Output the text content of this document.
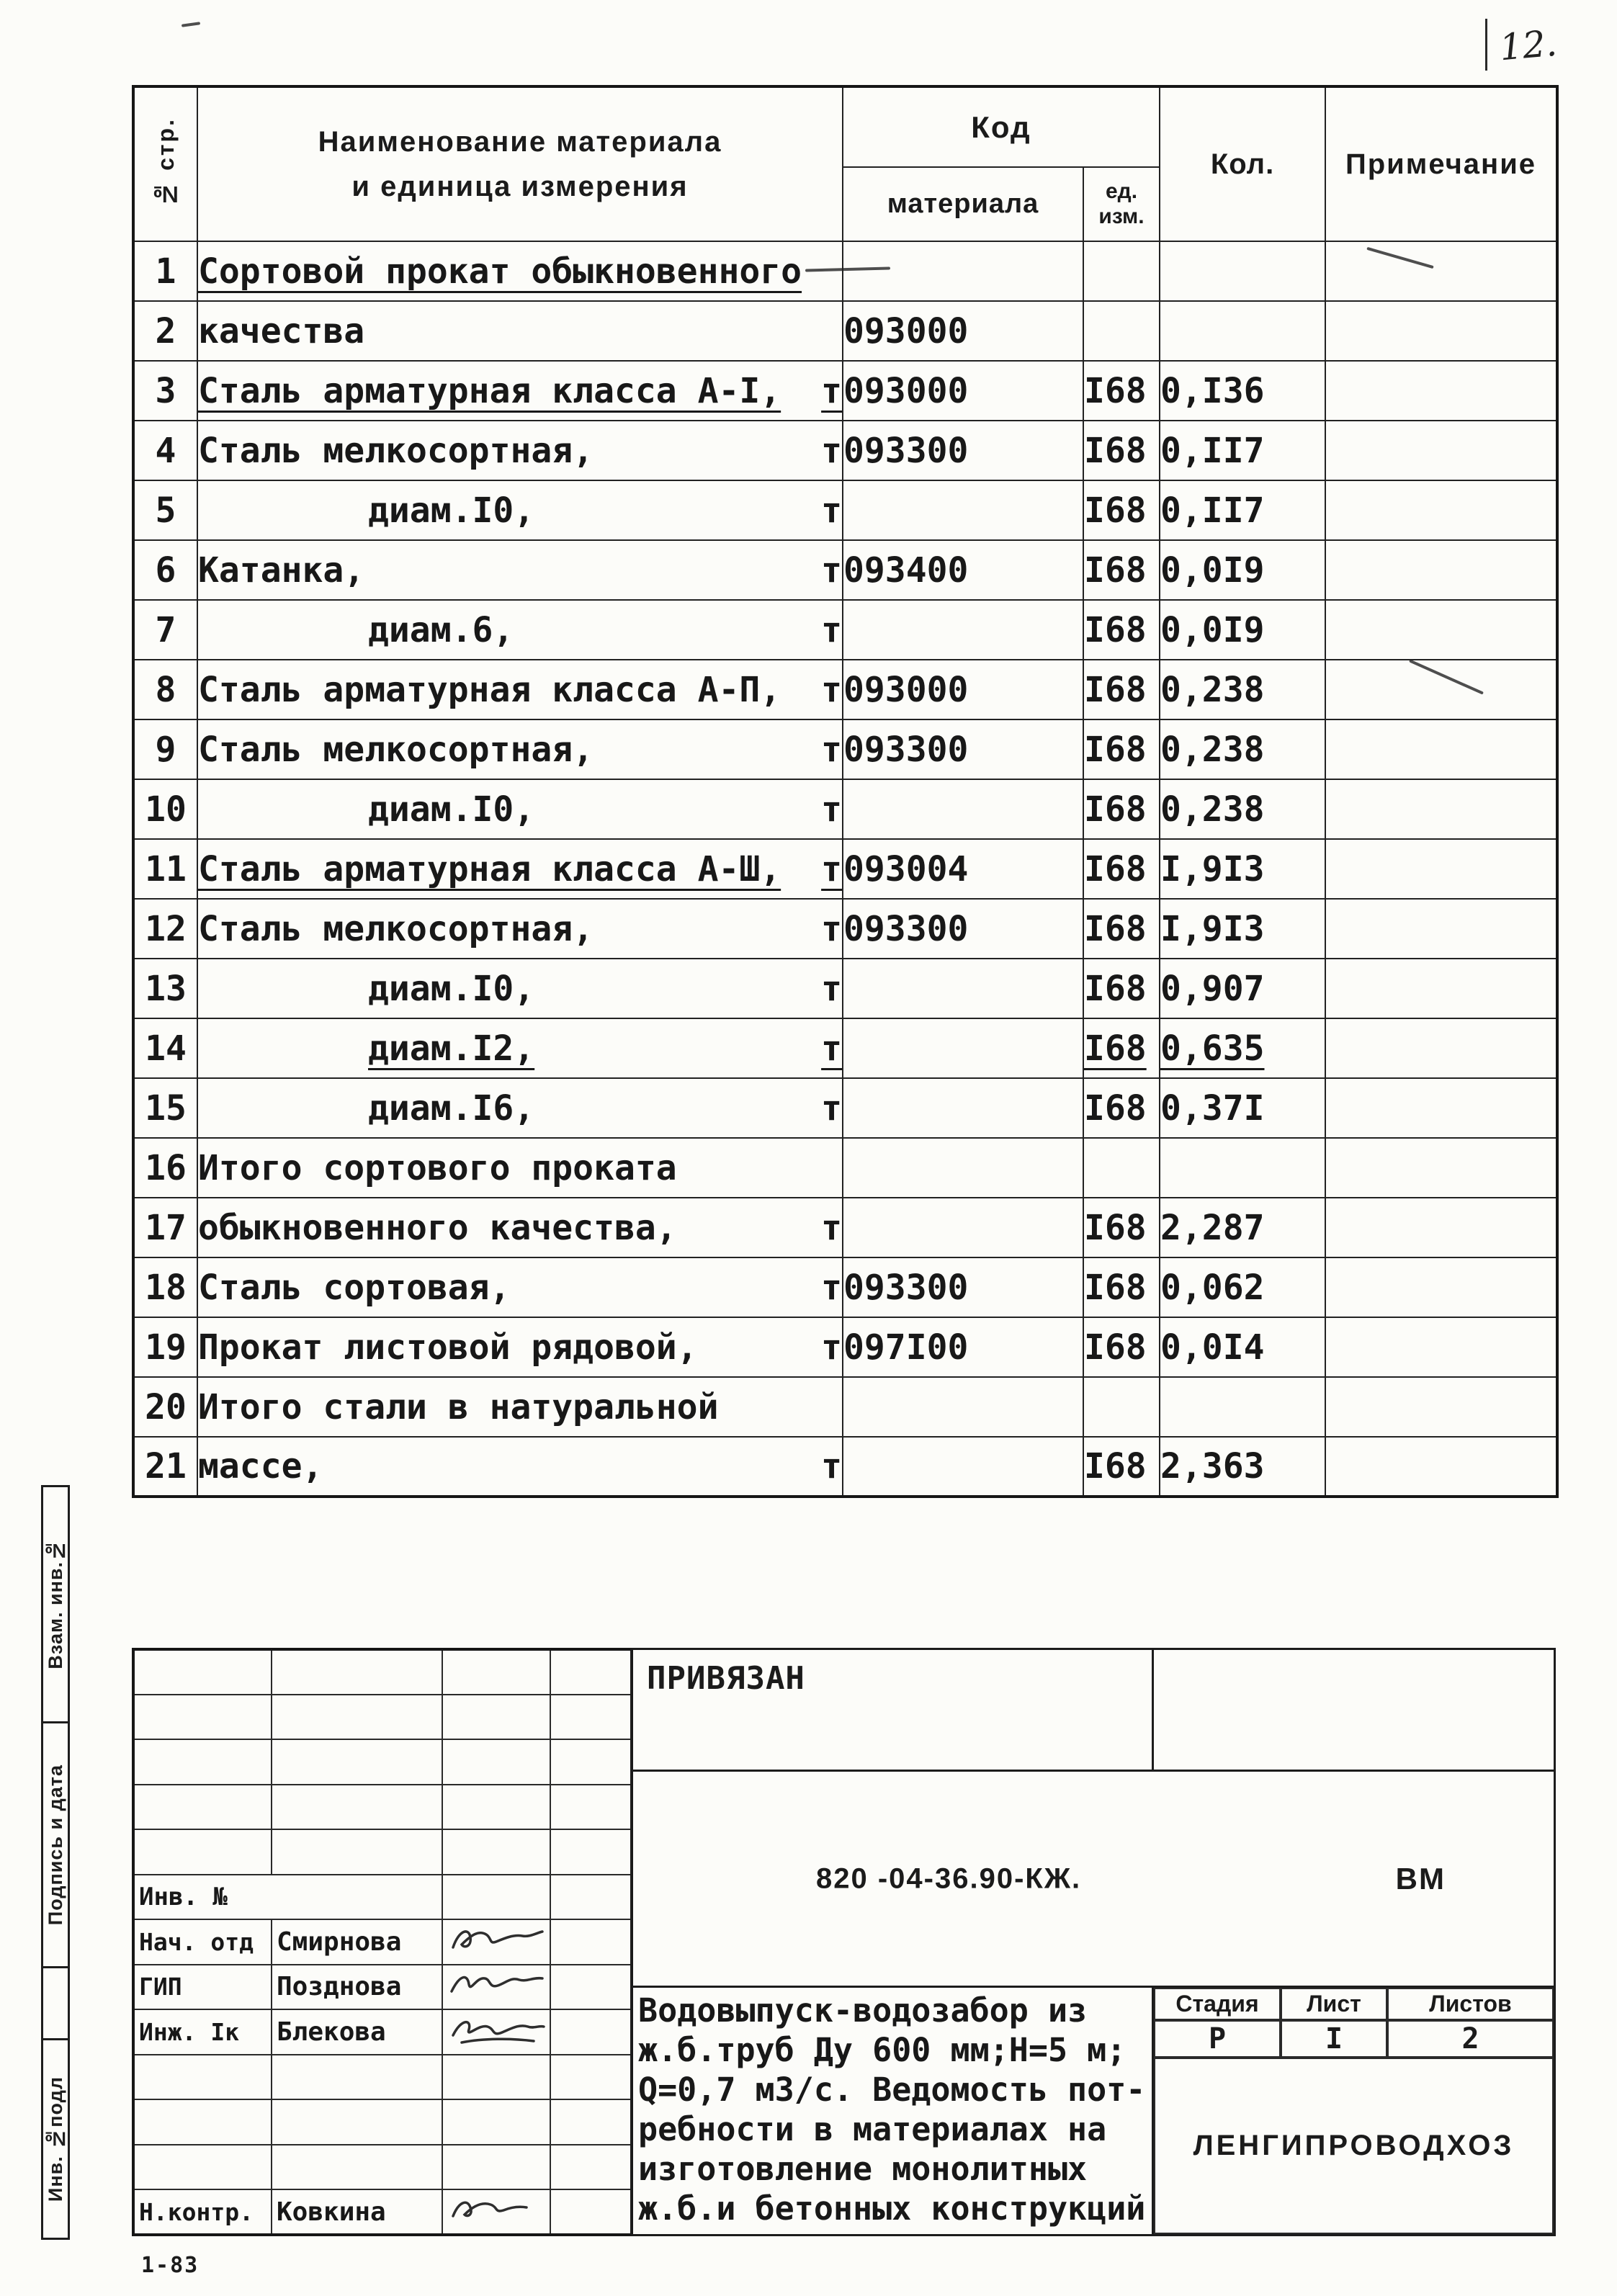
12.
№ стр.	Наименование материала
и единица измерения	Код		Кол.	Примечание
		материала	ед.
изм.		

1	Сортовой прокат обыкновенного				

2	качества	093000			
3	Сталь арматурная класса А-I, т	093000	I68	0,I36	
4	Сталь мелкосортная, т	093300	I68	0,II7	
5	диам.I0, т		I68	0,II7	
6	Катанка, т	093400	I68	0,0I9	
7	диам.6, т		I68	0,0I9	
8	Сталь арматурная класса А-П, т	093000	I68	0,238	
9	Сталь мелкосортная, т	093300	I68	0,238	
10	диам.I0, т		I68	0,238	
11	Сталь арматурная класса А-Ш, т	093004	I68	I,9I3	
12	Сталь мелкосортная, т	093300	I68	I,9I3	
13	диам.I0, т		I68	0,907	
14	диам.I2, т		I68	0,635	
15	диам.I6, т		I68	0,37I	
16	Итого сортового проката				

17	обыкновенного качества, т		I68	2,287	
18	Сталь сортовая, т	093300	I68	0,062	
19	Прокат листовой рядовой, т	097I00	I68	0,0I4	
20	Итого стали в натуральной				

21	массе, т		I68	2,363	
Взам. инв.№
Подпись и дата
Инв. №подл

Инв. №			
Нач. отд	Смирнова		
ГИП	Позднова		
Инж. Iк	Блекова		

Н.контр.	Ковкина		
ПРИВЯЗАН
820 -04-36.90-КЖ.	ВМ
Водовыпуск-водозабор из
ж.б.труб Ду 600 мм;Н=5 м;
Q=0,7 м3/с. Ведомость пот-
ребности в материалах на
изготовление монолитных
ж.б.и бетонных конструкций
Стадия	Лист	Листов
Р	I	2
ЛЕНГИПРОВОДХОЗ
1-83
